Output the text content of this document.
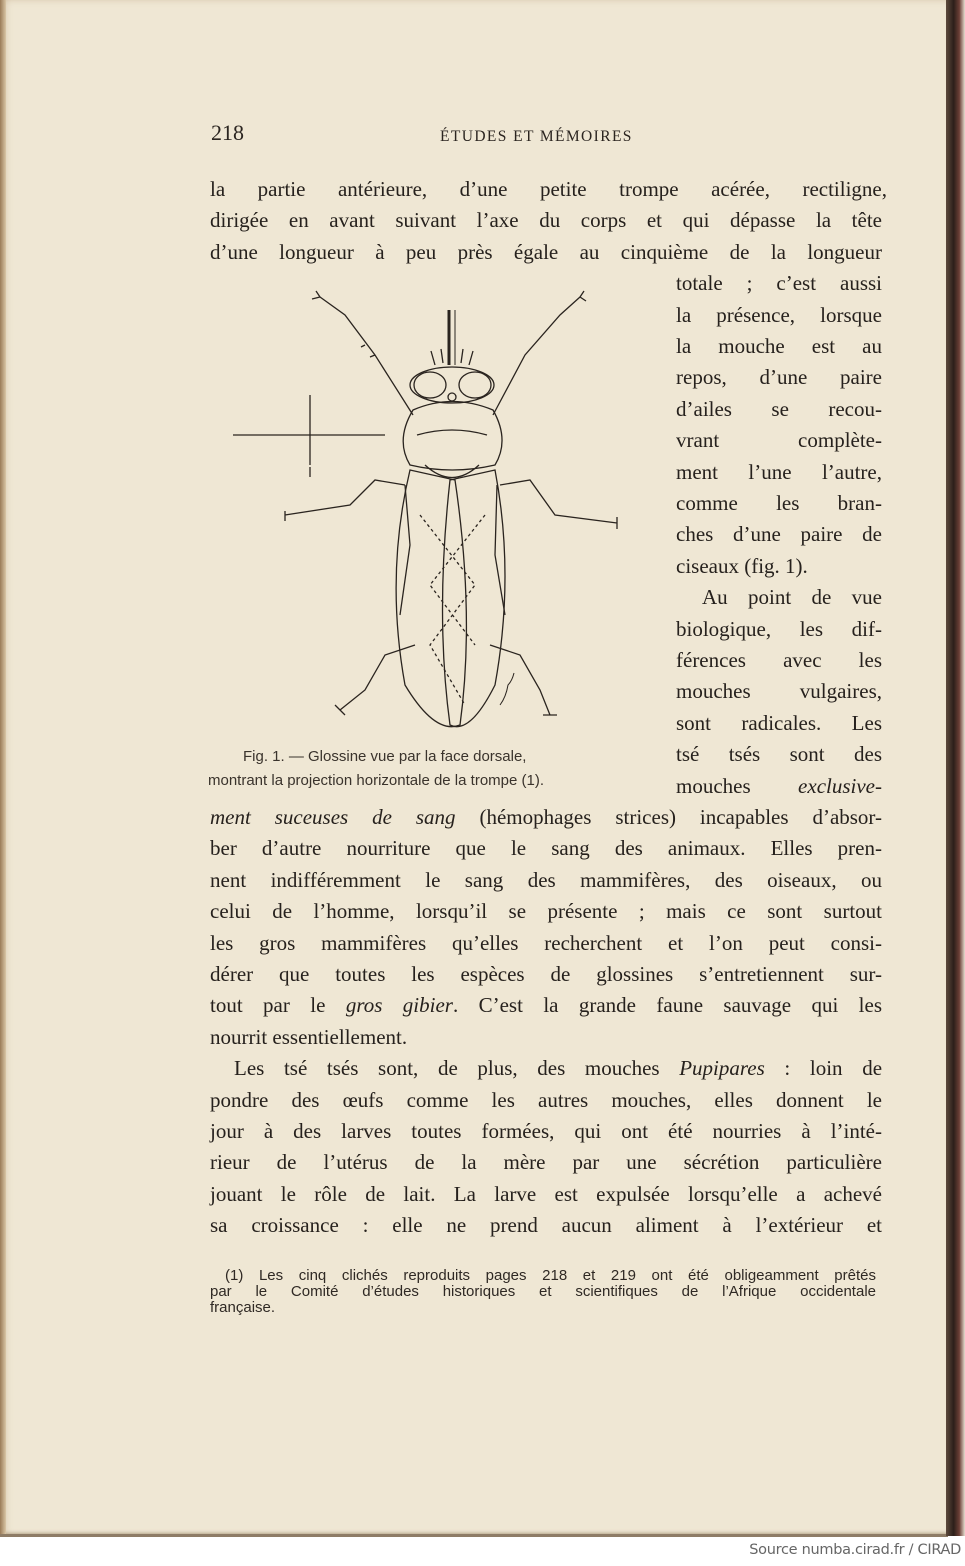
218	ÉTUDES ET MÉMOIRES
la partie antérieure, d’une petite trompe acérée, rectiligne,
dirigée en avant suivant l’axe du corps et qui dépasse la tête
d’une longueur à peu près égale au cinquième de la longueur
totale ; c’est aussi
la présence, lorsque
la mouche est au
repos, d’une paire
d’ailes se recou-
vrant complète-
ment l’une l’autre,
comme les bran-
ches d’une paire de
ciseaux (fig. 1).
Au point de vue
biologique, les dif-
férences avec les
mouches vulgaires,
sont radicales. Les
tsé tsés sont des
mouches exclusive-
ment suceuses de sang (hémophages strices) incapables d’absor-
ber d’autre nourriture que le sang des animaux. Elles pren-
nent indifféremment le sang des mammifères, des oiseaux, ou
celui de l’homme, lorsqu’il se présente ; mais ce sont surtout
les gros mammifères qu’elles recherchent et l’on peut consi-
dérer que toutes les espèces de glossines s’entretiennent sur-
tout par le gros gibier. C’est la grande faune sauvage qui les
nourrit essentiellement.
Les tsé tsés sont, de plus, des mouches Pupipares : loin de
pondre des œufs comme les autres mouches, elles donnent le
jour à des larves toutes formées, qui ont été nourries à l’inté-
rieur de l’utérus de la mère par une sécrétion particulière
jouant le rôle de lait. La larve est expulsée lorsqu’elle a achevé
sa croissance : elle ne prend aucun aliment à l’extérieur et
Fig. 1. — Glossine vue par la face dorsale,
montrant la projection horizontale de la trompe (1).
(1) Les cinq clichés reproduits pages 218 et 219 ont été obligeamment prêtés
par le Comité d’études historiques et scientifiques de l’Afrique occidentale
française.
Source numba.cirad.fr / CIRAD
